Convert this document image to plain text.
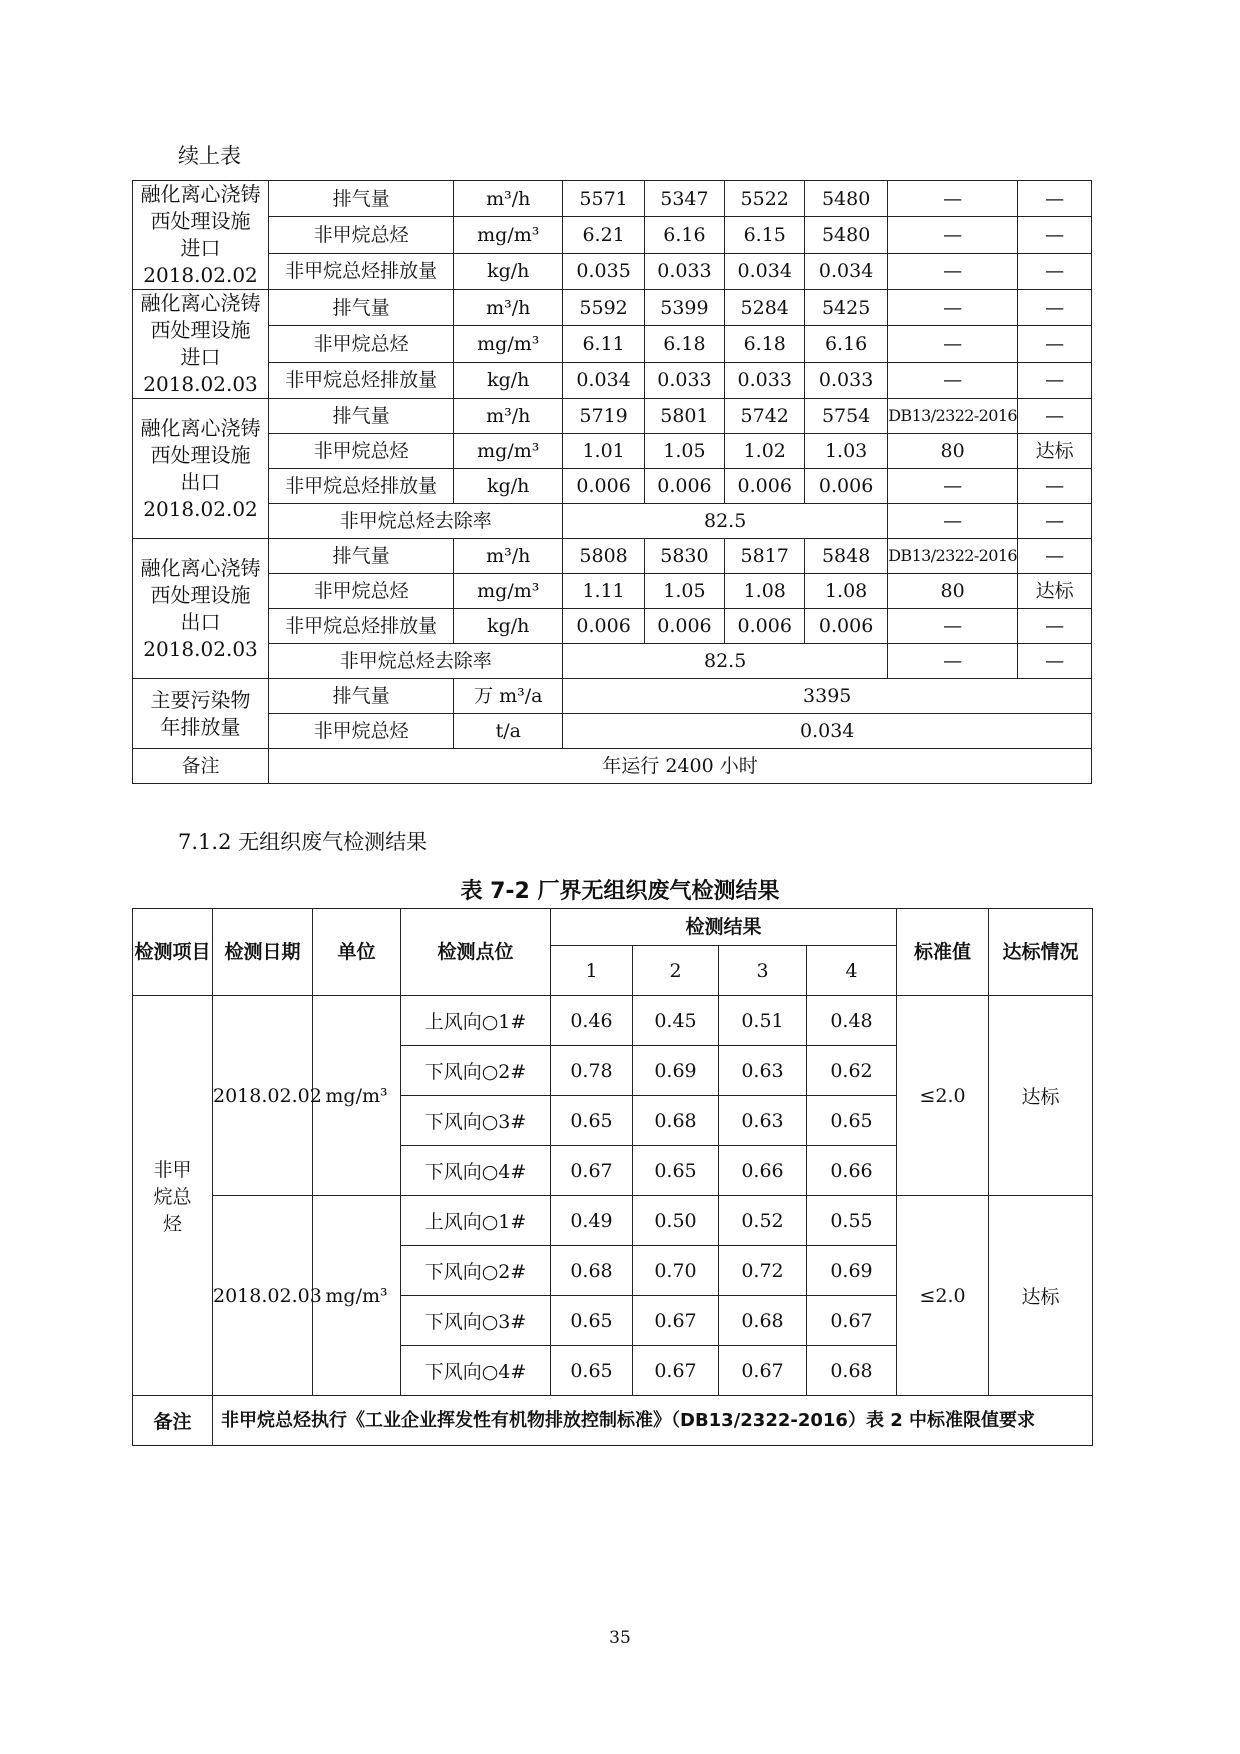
续上表
融化离心浇铸
西处理设施
进口
2018.02.02	排气量	m³/h	5571	5347	5522	5480	—	—
	非甲烷总烃	mg/m³	6.21	6.16	6.15	5480	—	—
	非甲烷总烃排放量	kg/h	0.035	0.033	0.034	0.034	—	—

融化离心浇铸
西处理设施
进口
2018.02.03	排气量	m³/h	5592	5399	5284	5425	—	—
	非甲烷总烃	mg/m³	6.11	6.18	6.18	6.16	—	—
	非甲烷总烃排放量	kg/h	0.034	0.033	0.033	0.033	—	—

融化离心浇铸
西处理设施
出口
2018.02.02	排气量	m³/h	5719	5801	5742	5754	DB13/2322-2016	—
	非甲烷总烃	mg/m³	1.01	1.05	1.02	1.03	80	达标
	非甲烷总烃排放量	kg/h	0.006	0.006	0.006	0.006	—	—
	非甲烷总烃去除率		82.5				—	—

融化离心浇铸
西处理设施
出口
2018.02.03	排气量	m³/h	5808	5830	5817	5848	DB13/2322-2016	—
	非甲烷总烃	mg/m³	1.11	1.05	1.08	1.08	80	达标
	非甲烷总烃排放量	kg/h	0.006	0.006	0.006	0.006	—	—
	非甲烷总烃去除率		82.5				—	—
主要污染物年排放量	排气量	万 m³/a	3395					
	非甲烷总烃	t/a	0.034					
备注	年运行 2400 小时							
7.1.2 无组织废气检测结果
表 7-2 厂界无组织废气检测结果
检测项目	检测日期	单位	检测点位	检测结果				标准值	达标情况
				1	2	3	4		
非甲烷总烃	2018.02.02	mg/m³	上风向○1#	0.46	0.45	0.51	0.48	≤2.0	达标
			下风向○2#	0.78	0.69	0.63	0.62		
			下风向○3#	0.65	0.68	0.63	0.65		
			下风向○4#	0.67	0.65	0.66	0.66		
	2018.02.03	mg/m³	上风向○1#	0.49	0.50	0.52	0.55	≤2.0	达标
			下风向○2#	0.68	0.70	0.72	0.69		
			下风向○3#	0.65	0.67	0.68	0.67		
			下风向○4#	0.65	0.67	0.67	0.68		
备注	非甲烷总烃执行《工业企业挥发性有机物排放控制标准》（DB13/2322-2016）表 2 中标准限值要求								
35
